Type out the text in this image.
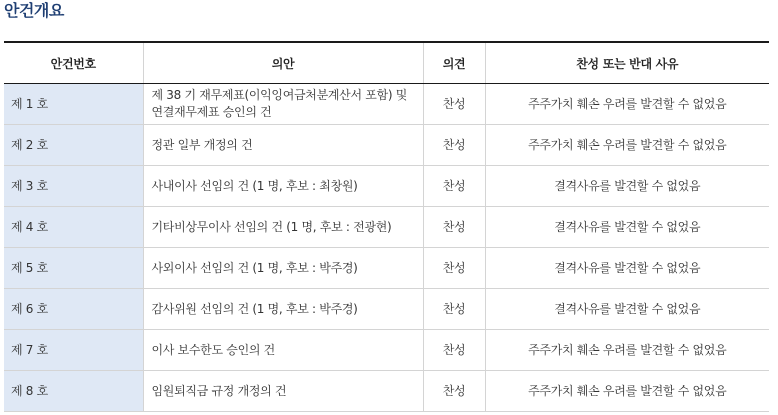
안건개요
안건번호	의안	의견	찬성 또는 반대 사유
제 1 호	제 38 기 재무제표(이익잉여금처분계산서 포함) 및 연결재무제표 승인의 건	찬성	주주가치 훼손 우려를 발견할 수 없었음
제 2 호	정관 일부 개정의 건	찬성	주주가치 훼손 우려를 발견할 수 없었음
제 3 호	사내이사 선임의 건 (1 명, 후보 : 최창원)	찬성	결격사유를 발견할 수 없었음
제 4 호	기타비상무이사 선임의 건 (1 명, 후보 : 전광현)	찬성	결격사유를 발견할 수 없었음
제 5 호	사외이사 선임의 건 (1 명, 후보 : 박주경)	찬성	결격사유를 발견할 수 없었음
제 6 호	감사위원 선임의 건 (1 명, 후보 : 박주경)	찬성	결격사유를 발견할 수 없었음
제 7 호	이사 보수한도 승인의 건	찬성	주주가치 훼손 우려를 발견할 수 없었음
제 8 호	임원퇴직금 규정 개정의 건	찬성	주주가치 훼손 우려를 발견할 수 없었음
